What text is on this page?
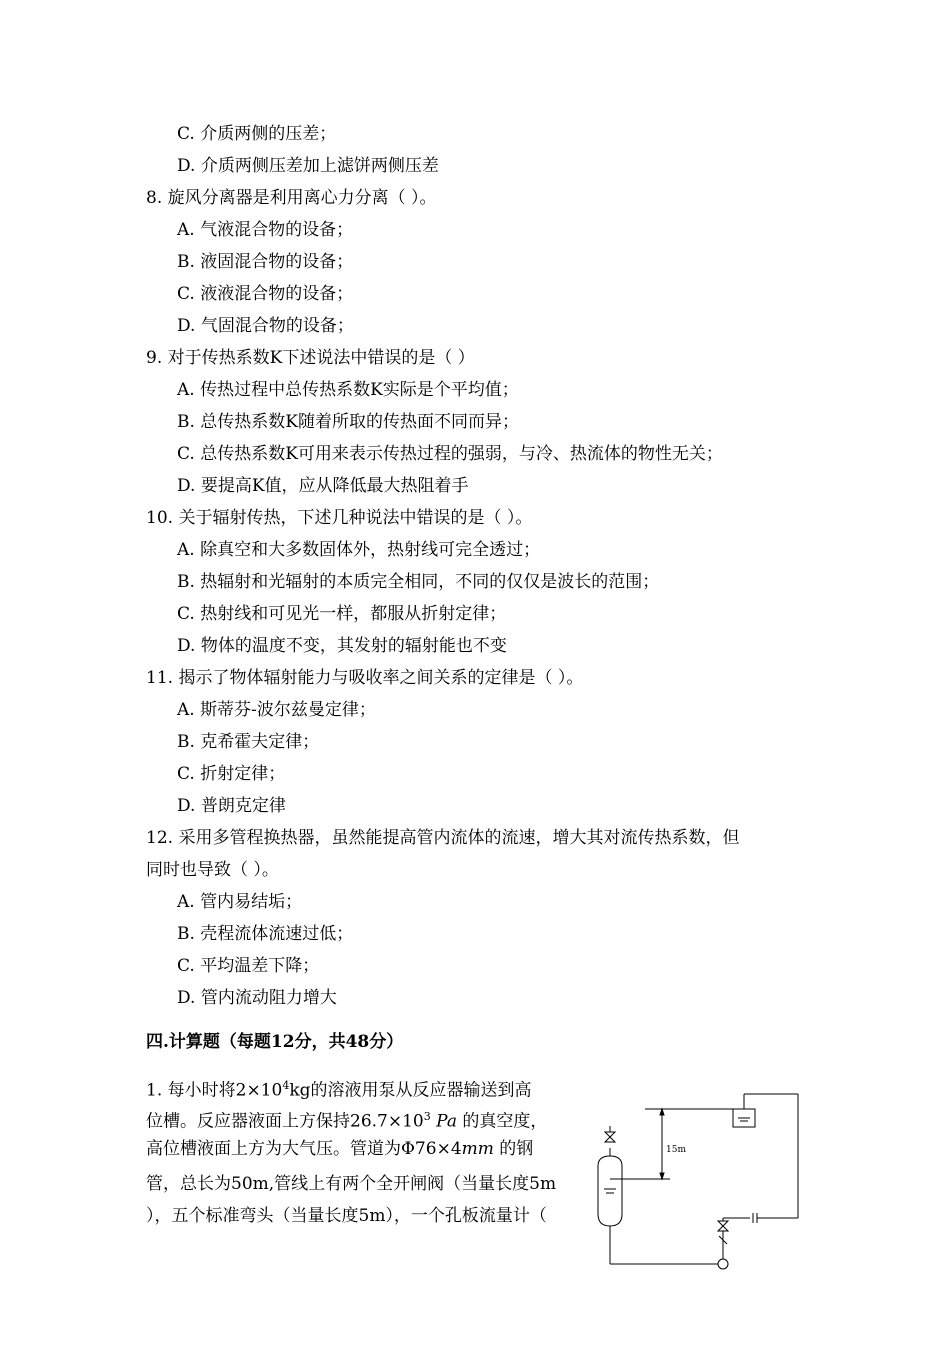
C. 介质两侧的压差；
D. 介质两侧压差加上滤饼两侧压差
8. 旋风分离器是利用离心力分离（ ）。
A. 气液混合物的设备；
B. 液固混合物的设备；
C. 液液混合物的设备；
D. 气固混合物的设备；
9. 对于传热系数K下述说法中错误的是（ ）
A. 传热过程中总传热系数K实际是个平均值；
B. 总传热系数K随着所取的传热面不同而异；
C. 总传热系数K可用来表示传热过程的强弱，与冷、热流体的物性无关；
D. 要提高K值，应从降低最大热阻着手
10. 关于辐射传热，下述几种说法中错误的是（ ）。
A. 除真空和大多数固体外，热射线可完全透过；
B. 热辐射和光辐射的本质完全相同，不同的仅仅是波长的范围；
C. 热射线和可见光一样，都服从折射定律；
D. 物体的温度不变，其发射的辐射能也不变
11. 揭示了物体辐射能力与吸收率之间关系的定律是（ ）。
A. 斯蒂芬-波尔兹曼定律；
B. 克希霍夫定律；
C. 折射定律；
D. 普朗克定律
12. 采用多管程换热器，虽然能提高管内流体的流速，增大其对流传热系数，但
同时也导致（ ）。
A. 管内易结垢；
B. 壳程流体流速过低；
C. 平均温差下降；
D. 管内流动阻力增大
四.计算题（每题12分，共48分）
1. 每小时将$2\times 10^4kg$的溶液用泵从反应器输送到高
位槽。反应器液面上方保持$26.7\times 10^3$ Pa 的真空度，
高位槽液面上方为大气压。管道为Φ76×4mm 的钢
管，总长为50m,管线上有两个全开闸阀（当量长度5m
），五个标准弯头（当量长度5m），一个孔板流量计（
15m
